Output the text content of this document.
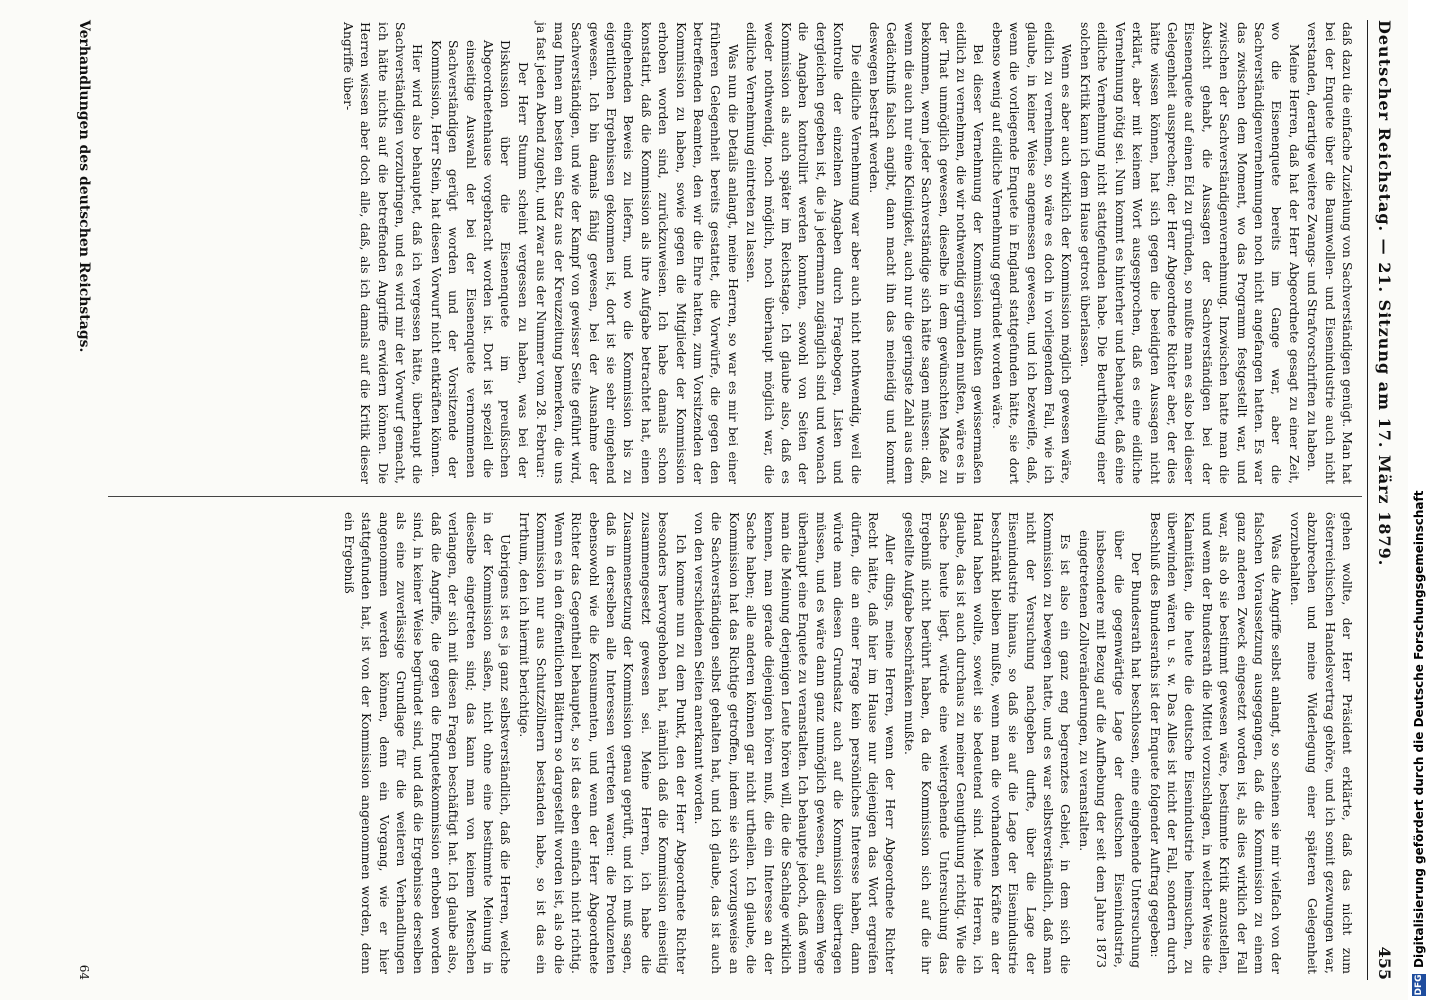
Deutscher Reichstag. — 21. Sitzung am 17. März 1879.
455

daß dazu die einfache Zuziehung von Sachverständigen genügt. Man hat bei der Enquete über die Baumwollen- und Eisenindustrie auch nicht verstanden, derartige weitere Zwangs- und Strafvorschriften zu haben.

Meine Herren, daß hat der Herr Abgeordnete gesagt zu einer Zeit, wo die Eisenenquete bereits im Gange war, aber die Sachverständigenvernehmungen noch nicht angefangen hatten. Es war das zwischen dem Moment, wo das Programm festgestellt war, und zwischen der Sachverständigenvernehmung. Inzwischen hatte man die Absicht gehabt, die Aussagen der Sachverständigen bei der Eisenenquete auf einen Eid zu gründen, so mußte man es also bei dieser Gelegenheit aussprechen; der Herr Abgeordnete Richter aber, der dies hätte wissen können, hat sich gegen die beeidigten Aussagen nicht erklärt, aber mit keinem Wort ausgesprochen, daß es eine eidliche Vernehmung nötig sei. Nun kommt es hinterher und behauptet, daß eine eidliche Vernehmung nicht stattgefunden habe. Die Beurtheilung einer solchen Kritik kann ich dem Hause getrost überlassen.

Wenn es aber auch wirklich der Kommission möglich gewesen wäre, eidlich zu vernehmen, so wäre es doch in vorliegendem Fall, wie ich glaube, in keiner Weise angemessen gewesen, und ich bezweifle, daß, wenn die vorliegende Enquete in England stattgefunden hätte, sie dort ebenso wenig auf eidliche Vernehmung gegründet worden wäre.

Bei dieser Vernehmung der Kommission mußten gewissermaßen eidlich zu vernehmen, die wir nothwendig ergründen mußten, wäre es in der That unmöglich gewesen, dieselbe in dem gewünschten Maße zu bekommen, wenn jeder Sachverständige sich hätte sagen müssen: daß, wenn die auch nur eine Kleinigkeit, auch nur die geringste Zahl aus dem Gedächtniß falsch angibt, dann macht ihn das meineidig und kommt deswegen bestraft werden.

Die eidliche Vernehmung war aber auch nicht nothwendig, weil die Kontrolle der einzelnen Angaben durch Fragebogen, Listen und dergleichen gegeben ist, die ja jedermann zugänglich sind und wonach die Angaben kontrollirt werden konnten, sowohl von Seiten der Kommission als auch später im Reichstage. Ich glaube also, daß es weder nothwendig, noch möglich, noch überhaupt möglich war, die eidliche Vernehmung eintreten zu lassen.

Was nun die Details anlangt, meine Herren, so war es mir bei einer früheren Gelegenheit bereits gestattet, die Vorwürfe, die gegen den betreffenden Beamten, den wir die Ehre hatten, zum Vorsitzenden der Kommission zu haben, sowie gegen die Mitglieder der Kommission erhoben worden sind, zurückzuweisen. Ich habe damals schon konstatirt, daß die Kommission als ihre Aufgabe betrachtet hat, einen eingehenden Beweis zu liefern, und wo die Kommission bis zu eigentlichen Ergebnissen gekommen ist, dort ist sie sehr eingehend gewesen. Ich bin damals fähig gewesen, bei der Ausnahme der Sachverständigen, und wie der Kampf von gewisser Seite geführt wird, mag Ihnen am besten ein Satz aus der Kreuzzeitung bemerken, die uns ja fast jeden Abend zugeht, und zwar aus der Nummer vom 28. Februar:

Der Herr Stumm scheint vergessen zu haben, was bei der Diskussion über die Eisenenquete im preußischen Abgeordnetenhause vorgebracht worden ist. Dort ist speziell die einseitige Auswahl der bei der Eisenenquete vernommenen Sachverständigen gerügt worden und der Vorsitzende der Kommission, Herr Stein, hat diesen Vorwurf nicht entkräften können.

Hier wird also behauptet, daß ich vergessen hätte, überhaupt die Sachverständigen vorzubringen, und es wird mir der Vorwurf gemacht, ich hätte nichts auf die betreffenden Angriffe erwidern können. Die Herren wissen aber doch alle, daß, als ich damals auf die Kritik dieser Angriffe über-

gehen wollte, der Herr Präsident erklärte, daß das nicht zum österreichischen Handelsvertrag gehöre, und ich somit gezwungen war, abzubrechen und meine Widerlegung einer späteren Gelegenheit vorzubehalten.

Was die Angriffe selbst anlangt, so scheinen sie mir vielfach von der falschen Voraussetzung ausgegangen, daß die Kommission zu einem ganz anderen Zweck eingesetzt worden ist, als dies wirklich der Fall war, als ob sie bestimmt gewesen wäre, bestimmte Kritik anzustellen, und wenn der Bundesrath die Mittel vorzuschlagen, in welcher Weise die Kalamitäten, die heute die deutsche Eisenindustrie heimsuchen, zu überwinden wären u. s. w. Das Alles ist nicht der Fall, sondern durch Beschluß des Bundesraths ist der Enquete folgender Auftrag gegeben:

Der Bundesrath hat beschlossen, eine eingehende Untersuchung über die gegenwärtige Lage der deutschen Eisenindustrie, insbesondere mit Bezug auf die Aufhebung der seit dem Jahre 1873 eingetretenen Zollveränderungen, zu veranstalten.

Es ist also ein ganz eng begrenztes Gebiet, in dem sich die Kommission zu bewegen hatte, und es war selbstverständlich, daß man nicht der Versuchung nachgeben durfte, über die Lage der Eisenindustrie hinaus, so daß sie auf die Lage der Eisenindustrie beschränkt bleiben mußte, wenn man die vorhandenen Kräfte an der Hand haben wollte, soweit sie bedeutend sind. Meine Herren, ich glaube, das ist auch durchaus zu meiner Genugthuung richtig. Wie die Sache heute liegt, würde eine weitergehende Untersuchung das Ergebniß nicht berührt haben, da die Kommission sich auf die ihr gestellte Aufgabe beschränken mußte.

Aller dings, meine Herren, wenn der Herr Abgeordnete Richter Recht hätte, daß hier im Hause nur diejenigen das Wort ergreifen dürfen, die an einer Frage kein persönliches Interesse haben, dann würde man diesen Grundsatz auch auf die Kommission übertragen müssen, und es wäre dann ganz unmöglich gewesen, auf diesem Wege überhaupt eine Enquete zu veranstalten. Ich behaupte jedoch, daß wenn man die Meinung derjenigen Leute hören will, die die Sachlage wirklich kennen, man gerade diejenigen hören muß, die ein Interesse an der Sache haben; alle anderen können gar nicht urtheilen. Ich glaube, die Kommission hat das Richtige getroffen, indem sie sich vorzugsweise an die Sachverständigen selbst gehalten hat, und ich glaube, das ist auch von den verschiedenen Seiten anerkannt worden.

Ich komme nun zu dem Punkt, den der Herr Abgeordnete Richter besonders hervorgehoben hat, nämlich daß die Kommission einseitig zusammengesetzt gewesen sei. Meine Herren, ich habe die Zusammensetzung der Kommission genau geprüft, und ich muß sagen, daß in derselben alle Interessen vertreten waren: die Produzenten ebensowohl wie die Konsumenten, und wenn der Herr Abgeordnete Richter das Gegentheil behauptet, so ist das eben einfach nicht richtig. Wenn es in den öffentlichen Blättern so dargestellt worden ist, als ob die Kommission nur aus Schutzzöllnern bestanden habe, so ist das ein Irrthum, den ich hiermit berichtige.

Uebrigens ist es ja ganz selbstverständlich, daß die Herren, welche in der Kommission saßen, nicht ohne eine bestimmte Meinung in dieselbe eingetreten sind; das kann man von keinem Menschen verlangen, der sich mit diesen Fragen beschäftigt hat. Ich glaube also, daß die Angriffe, die gegen die Enquetekommission erhoben worden sind, in keiner Weise begründet sind, und daß die Ergebnisse derselben als eine zuverlässige Grundlage für die weiteren Verhandlungen angenommen werden können, denn ein Vorgang, wie er hier stattgefunden hat, ist von der Kommission angenommen worden, denn ein Ergebniß

Verhandlungen des deutschen Reichstags.
64
DFG
Digitalisierung gefördert durch die Deutsche Forschungsgemeinschaft
